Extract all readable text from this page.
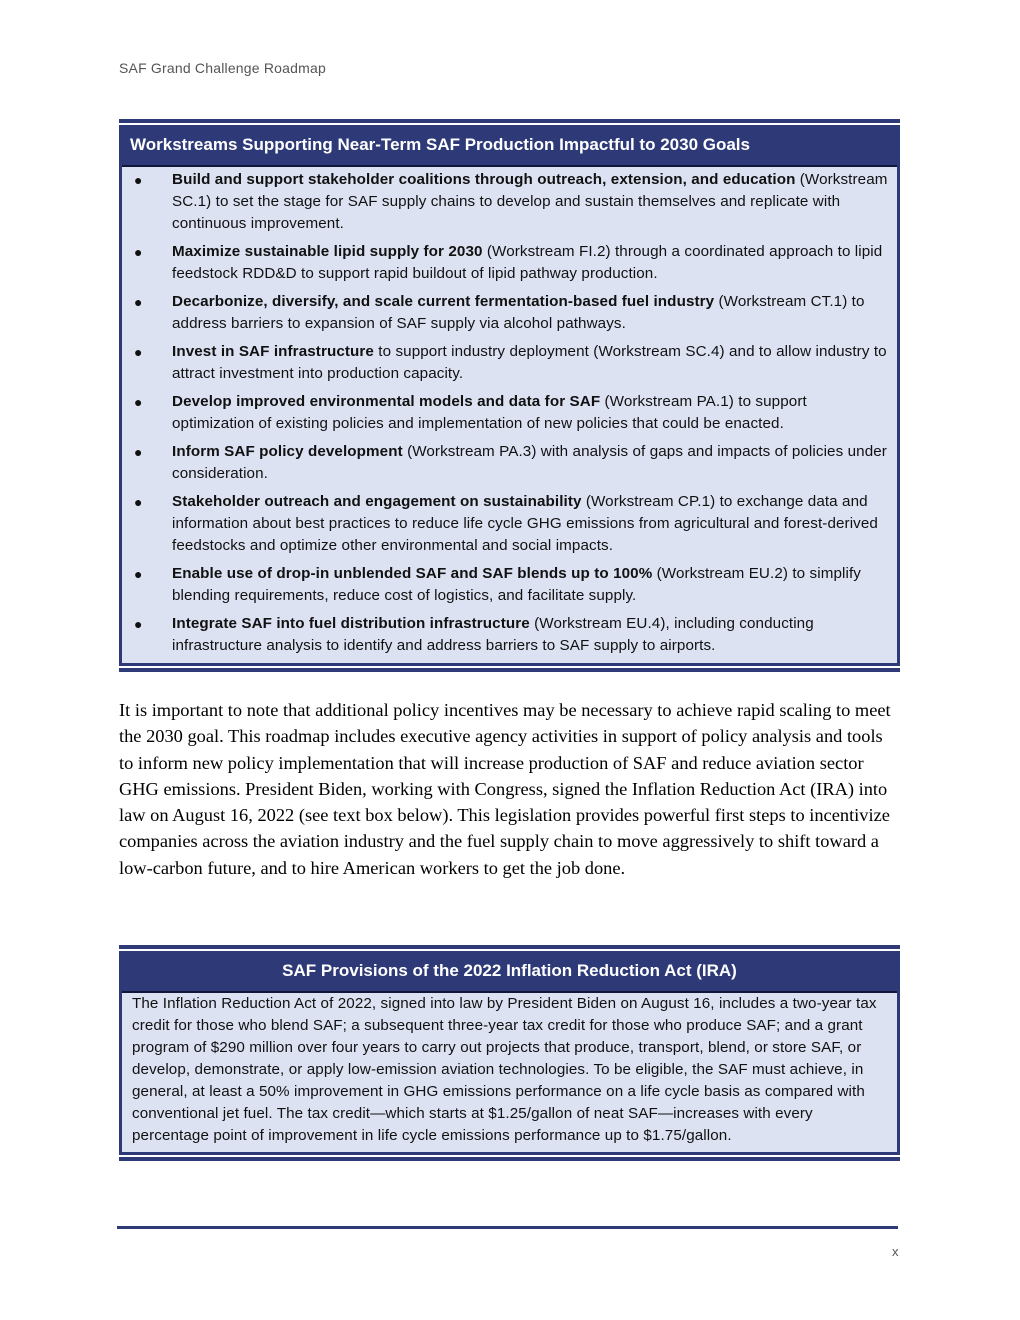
SAF Grand Challenge Roadmap
Workstreams Supporting Near-Term SAF Production Impactful to 2030 Goals
● Build and support stakeholder coalitions through outreach, extension, and education (Workstream SC.1) to set the stage for SAF supply chains to develop and sustain themselves and replicate with continuous improvement.
● Maximize sustainable lipid supply for 2030 (Workstream FI.2) through a coordinated approach to lipid feedstock RDD&D to support rapid buildout of lipid pathway production.
● Decarbonize, diversify, and scale current fermentation-based fuel industry (Workstream CT.1) to address barriers to expansion of SAF supply via alcohol pathways.
● Invest in SAF infrastructure to support industry deployment (Workstream SC.4) and to allow industry to attract investment into production capacity.
● Develop improved environmental models and data for SAF (Workstream PA.1) to support optimization of existing policies and implementation of new policies that could be enacted.
● Inform SAF policy development (Workstream PA.3) with analysis of gaps and impacts of policies under consideration.
● Stakeholder outreach and engagement on sustainability (Workstream CP.1) to exchange data and information about best practices to reduce life cycle GHG emissions from agricultural and forest-derived feedstocks and optimize other environmental and social impacts.
● Enable use of drop-in unblended SAF and SAF blends up to 100% (Workstream EU.2) to simplify blending requirements, reduce cost of logistics, and facilitate supply.
● Integrate SAF into fuel distribution infrastructure (Workstream EU.4), including conducting infrastructure analysis to identify and address barriers to SAF supply to airports.
It is important to note that additional policy incentives may be necessary to achieve rapid scaling to meet the 2030 goal. This roadmap includes executive agency activities in support of policy analysis and tools to inform new policy implementation that will increase production of SAF and reduce aviation sector GHG emissions. President Biden, working with Congress, signed the Inflation Reduction Act (IRA) into law on August 16, 2022 (see text box below). This legislation provides powerful first steps to incentivize companies across the aviation industry and the fuel supply chain to move aggressively to shift toward a low-carbon future, and to hire American workers to get the job done.
SAF Provisions of the 2022 Inflation Reduction Act (IRA)
The Inflation Reduction Act of 2022, signed into law by President Biden on August 16, includes a two-year tax credit for those who blend SAF; a subsequent three-year tax credit for those who produce SAF; and a grant program of $290 million over four years to carry out projects that produce, transport, blend, or store SAF, or develop, demonstrate, or apply low-emission aviation technologies. To be eligible, the SAF must achieve, in general, at least a 50% improvement in GHG emissions performance on a life cycle basis as compared with conventional jet fuel. The tax credit—which starts at $1.25/gallon of neat SAF—increases with every percentage point of improvement in life cycle emissions performance up to $1.75/gallon.
x
